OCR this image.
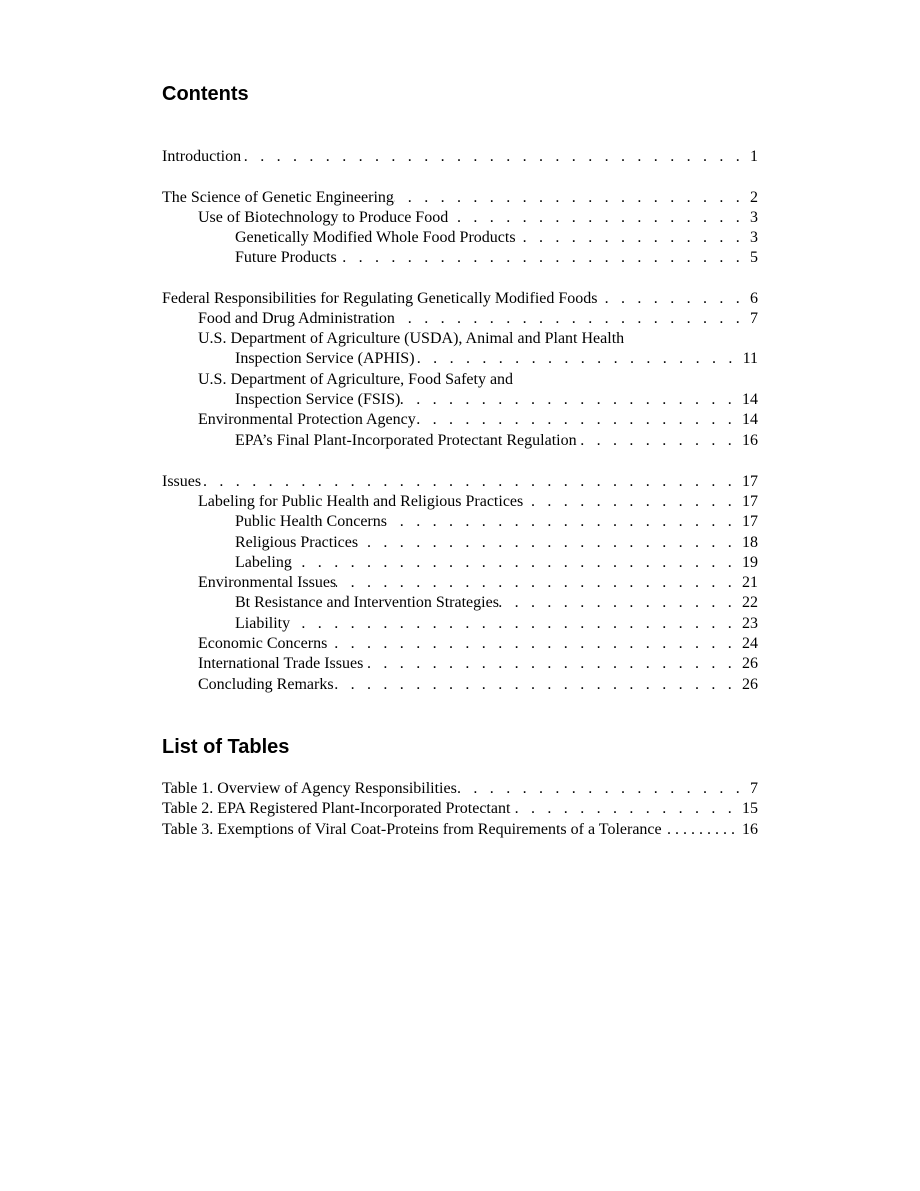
Contents
Introduction . . .	1
The Science of Genetic Engineering . . .	2
Use of Biotechnology to Produce Food . . .	3
Genetically Modified Whole Food Products . . .	3
Future Products . . .	5
Federal Responsibilities for Regulating Genetically Modified Foods . . .	6
Food and Drug Administration . . .	7
U.S. Department of Agriculture (USDA), Animal and Plant Health
Inspection Service (APHIS) . . .	11
U.S. Department of Agriculture, Food Safety and
Inspection Service (FSIS) . . .	14
Environmental Protection Agency . . .	14
EPA’s Final Plant-Incorporated Protectant Regulation . . .	16
Issues . . .	17
Labeling for Public Health and Religious Practices . . .	17
Public Health Concerns . . .	17
Religious Practices . . .	18
Labeling . . .	19
Environmental Issues . . .	21
Bt Resistance and Intervention Strategies . . .	22
Liability . . .	23
Economic Concerns . . .	24
International Trade Issues . . .	26
Concluding Remarks . . .	26
List of Tables
Table 1. Overview of Agency Responsibilities . . .	7
Table 2. EPA Registered Plant-Incorporated Protectant . . .	15
Table 3. Exemptions of Viral Coat-Proteins from Requirements of a Tolerance . . .	16
